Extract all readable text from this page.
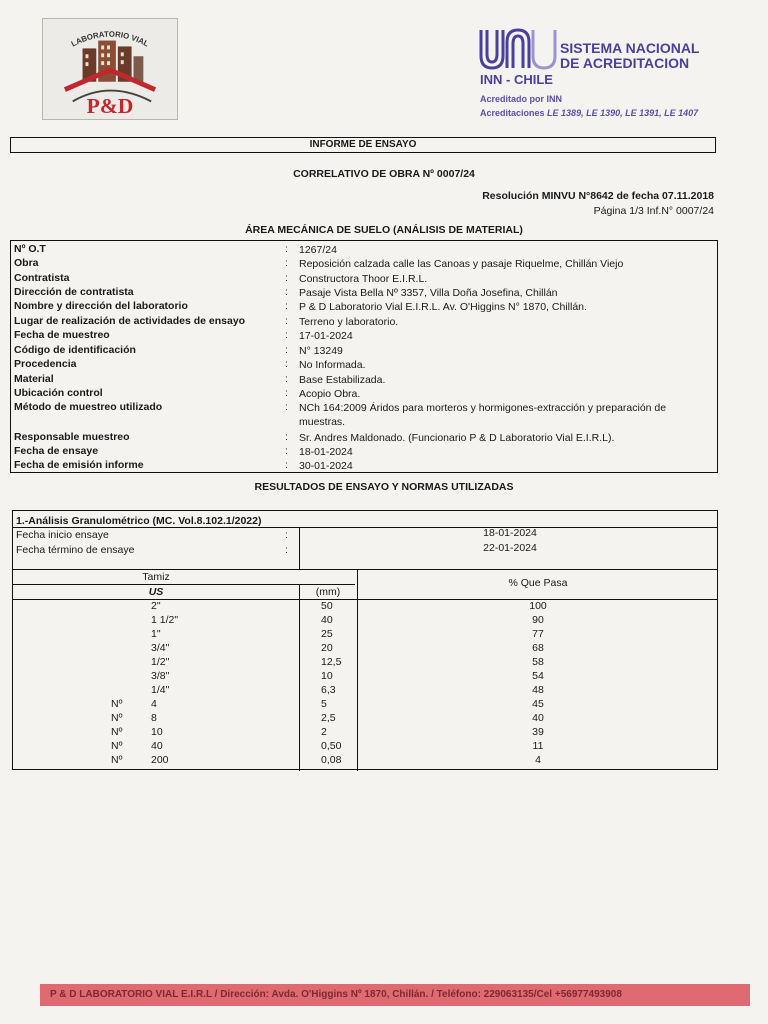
LABORATORIO VIAL
P&D
SISTEMA NACIONAL
DE ACREDITACION
INN - CHILE
Acreditado por INN
Acreditaciones LE 1389, LE 1390, LE 1391, LE 1407
INFORME DE ENSAYO
CORRELATIVO DE OBRA Nº 0007/24
Resolución MINVU N°8642 de fecha 07.11.2018
Página 1/3 Inf.N° 0007/24
ÁREA MECÁNICA DE SUELO (ANÁLISIS DE MATERIAL)
Nº O.T	: 1267/24
Obra	: Reposición calzada calle las Canoas y pasaje Riquelme, Chillán Viejo
Contratista	: Constructora Thoor E.I.R.L.
Dirección de contratista	: Pasaje Vista Bella Nº 3357, Villa Doña Josefina, Chillán
Nombre y dirección del laboratorio	: P & D Laboratorio Vial E.I.R.L. Av. O'Higgins N° 1870, Chillán.
Lugar de realización de actividades de ensayo	: Terreno y laboratorio.
Fecha de muestreo	: 17-01-2024
Código de identificación	: N° 13249
Procedencia	: No Informada.
Material	: Base Estabilizada.
Ubicación control	: Acopio Obra.
Método de muestreo utilizado	: NCh 164:2009 Áridos para morteros y hormigones-extracción y preparación de muestras.
Responsable muestreo	: Sr. Andres Maldonado. (Funcionario P & D Laboratorio Vial E.I.R.L).
Fecha de ensaye	: 18-01-2024
Fecha de emisión informe	: 30-01-2024
RESULTADOS DE ENSAYO Y NORMAS UTILIZADAS
1.-Análisis Granulométrico (MC. Vol.8.102.1/2022)
Fecha inicio ensaye	:	18-01-2024
Fecha término de ensaye	:	22-01-2024
Tamiz	% Que Pasa
US	(mm)
2"	50	100
1 1/2"	40	90
1"	25	77
3/4"	20	68
1/2"	12,5	58
3/8"	10	54
1/4"	6,3	48
Nº	4	5	45
Nº	8	2,5	40
Nº	10	2	39
Nº	40	0,50	11
Nº	200	0,08	4
P & D LABORATORIO VIAL E.I.R.L / Dirección: Avda. O'Higgins Nº 1870, Chillán. / Teléfono: 229063135/Cel +56977493908
